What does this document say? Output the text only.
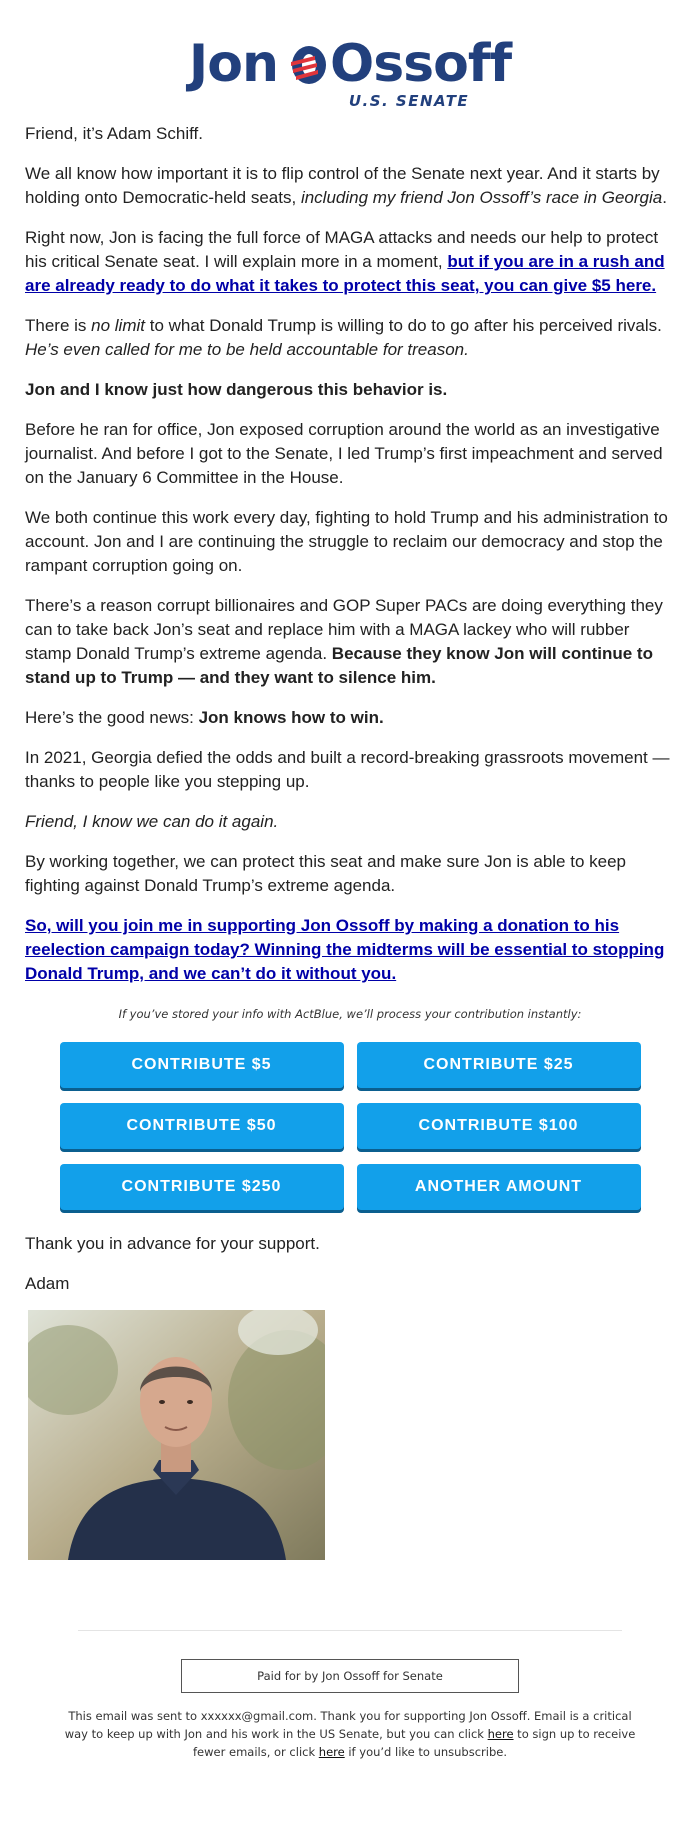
Jon Ossoff
U.S. SENATE

Friend, it’s Adam Schiff.

We all know how important it is to flip control of the Senate next year. And it starts by holding onto Democratic-held seats, including my friend Jon Ossoff’s race in Georgia.

Right now, Jon is facing the full force of MAGA attacks and needs our help to protect his critical Senate seat. I will explain more in a moment, but if you are in a rush and are already ready to do what it takes to protect this seat, you can give $5 here.

There is no limit to what Donald Trump is willing to do to go after his perceived rivals. He’s even called for me to be held accountable for treason.

Jon and I know just how dangerous this behavior is.

Before he ran for office, Jon exposed corruption around the world as an investigative journalist. And before I got to the Senate, I led Trump’s first impeachment and served on the January 6 Committee in the House.

We both continue this work every day, fighting to hold Trump and his administration to account. Jon and I are continuing the struggle to reclaim our democracy and stop the rampant corruption going on.

There’s a reason corrupt billionaires and GOP Super PACs are doing everything they can to take back Jon’s seat and replace him with a MAGA lackey who will rubber stamp Donald Trump’s extreme agenda. Because they know Jon will continue to stand up to Trump — and they want to silence him.

Here’s the good news: Jon knows how to win.

In 2021, Georgia defied the odds and built a record-breaking grassroots movement — thanks to people like you stepping up.

Friend, I know we can do it again.

By working together, we can protect this seat and make sure Jon is able to keep fighting against Donald Trump’s extreme agenda.

So, will you join me in supporting Jon Ossoff by making a donation to his reelection campaign today? Winning the midterms will be essential to stopping Donald Trump, and we can’t do it without you.

If you’ve stored your info with ActBlue, we’ll process your contribution instantly:
CONTRIBUTE $5	CONTRIBUTE $25
CONTRIBUTE $50	CONTRIBUTE $100
CONTRIBUTE $250	ANOTHER AMOUNT

Thank you in advance for your support.

Adam

Paid for by Jon Ossoff for Senate
This email was sent to xxxxxx@gmail.com. Thank you for supporting Jon Ossoff. Email is a critical way to keep up with Jon and his work in the US Senate, but you can click here to sign up to receive fewer emails, or click here if you’d like to unsubscribe.
